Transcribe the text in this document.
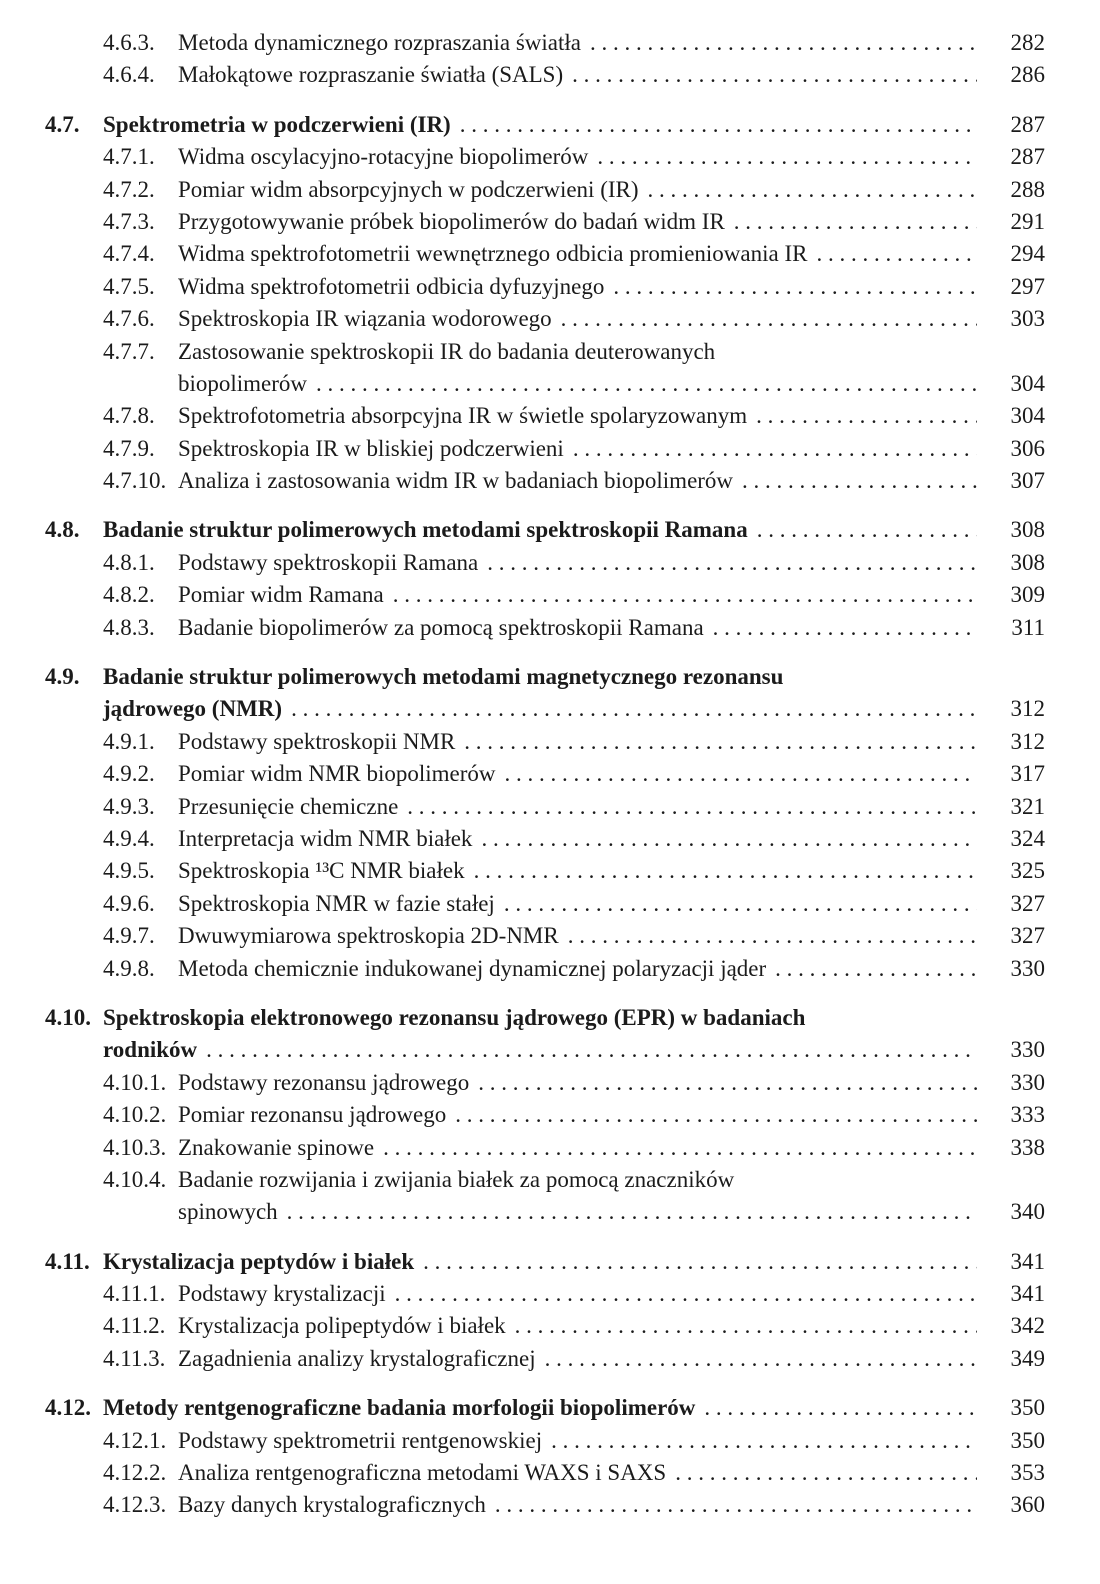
4.6.3.	Metoda dynamicznego rozpraszania światła . . .	282
4.6.4.	Małokątowe rozpraszanie światła (SALS) . . .	286
4.7.	Spektrometria w podczerwieni (IR) . . .	287
4.7.1.	Widma oscylacyjno-rotacyjne biopolimerów . . .	287
4.7.2.	Pomiar widm absorpcyjnych w podczerwieni (IR) . . .	288
4.7.3.	Przygotowywanie próbek biopolimerów do badań widm IR . . .	291
4.7.4.	Widma spektrofotometrii wewnętrznego odbicia promieniowania IR . . .	294
4.7.5.	Widma spektrofotometrii odbicia dyfuzyjnego . . .	297
4.7.6.	Spektroskopia IR wiązania wodorowego . . .	303
4.7.7.	Zastosowanie spektroskopii IR do badania deuterowanych
biopolimerów . . .	304
4.7.8.	Spektrofotometria absorpcyjna IR w świetle spolaryzowanym . . .	304
4.7.9.	Spektroskopia IR w bliskiej podczerwieni . . .	306
4.7.10. Analiza i zastosowania widm IR w badaniach biopolimerów . . .	307
4.8.	Badanie struktur polimerowych metodami spektroskopii Ramana . . .	308
4.8.1.	Podstawy spektroskopii Ramana . . .	308
4.8.2.	Pomiar widm Ramana . . .	309
4.8.3.	Badanie biopolimerów za pomocą spektroskopii Ramana . . .	311
4.9.	Badanie struktur polimerowych metodami magnetycznego rezonansu
jądrowego (NMR) . . .	312
4.9.1.	Podstawy spektroskopii NMR . . .	312
4.9.2.	Pomiar widm NMR biopolimerów . . .	317
4.9.3.	Przesunięcie chemiczne . . .	321
4.9.4.	Interpretacja widm NMR białek . . .	324
4.9.5.	Spektroskopia ¹³C NMR białek . . .	325
4.9.6.	Spektroskopia NMR w fazie stałej . . .	327
4.9.7.	Dwuwymiarowa spektroskopia 2D-NMR . . .	327
4.9.8.	Metoda chemicznie indukowanej dynamicznej polaryzacji jąder . . .	330
4.10. Spektroskopia elektronowego rezonansu jądrowego (EPR) w badaniach
rodników . . .	330
4.10.1. Podstawy rezonansu jądrowego . . .	330
4.10.2. Pomiar rezonansu jądrowego . . .	333
4.10.3. Znakowanie spinowe . . .	338
4.10.4. Badanie rozwijania i zwijania białek za pomocą znaczników
spinowych . . .	340
4.11. Krystalizacja peptydów i białek . . .	341
4.11.1. Podstawy krystalizacji . . .	341
4.11.2. Krystalizacja polipeptydów i białek . . .	342
4.11.3. Zagadnienia analizy krystalograficznej . . .	349
4.12. Metody rentgenograficzne badania morfologii biopolimerów . . .	350
4.12.1. Podstawy spektrometrii rentgenowskiej . . .	350
4.12.2. Analiza rentgenograficzna metodami WAXS i SAXS . . .	353
4.12.3. Bazy danych krystalograficznych . . .	360
